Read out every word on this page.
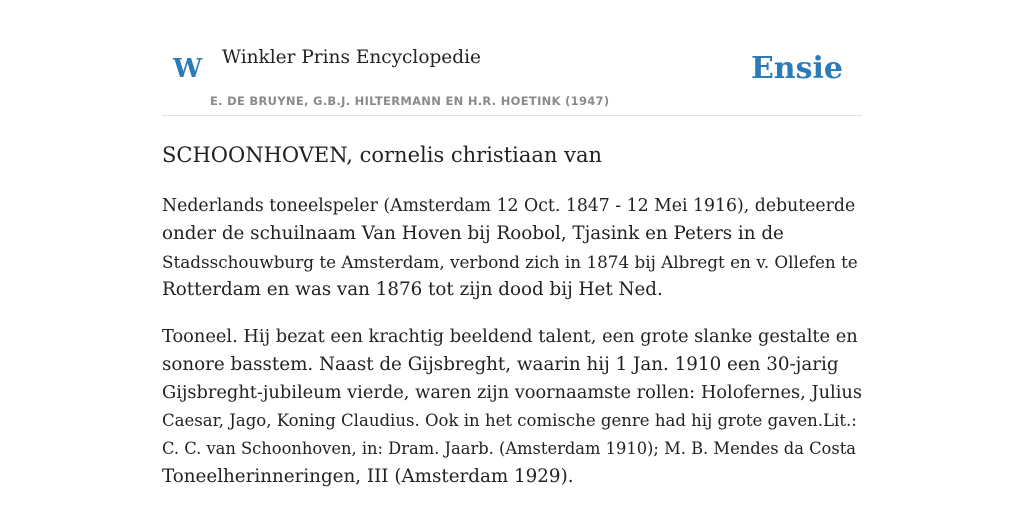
W Winkler Prins Encyclopedie
E. DE BRUYNE, G.B.J. HILTERMANN EN H.R. HOETINK (1947)
Ensie
SCHOONHOVEN, cornelis christiaan van

Nederlands toneelspeler (Amsterdam 12 Oct. 1847 - 12 Mei 1916), debuteerde
onder de schuilnaam Van Hoven bij Roobol, Tjasink en Peters in de
Stadsschouwburg te Amsterdam, verbond zich in 1874 bij Albregt en v. Ollefen te
Rotterdam en was van 1876 tot zijn dood bij Het Ned.

Tooneel. Hij bezat een krachtig beeldend talent, een grote slanke gestalte en
sonore basstem. Naast de Gijsbreght, waarin hij 1 Jan. 1910 een 30-jarig
Gijsbreght-jubileum vierde, waren zijn voornaamste rollen: Holofernes, Julius
Caesar, Jago, Koning Claudius. Ook in het comische genre had hij grote gaven.Lit.:
C. C. van Schoonhoven, in: Dram. Jaarb. (Amsterdam 1910); M. B. Mendes da Costa
Toneelherinneringen, III (Amsterdam 1929).
